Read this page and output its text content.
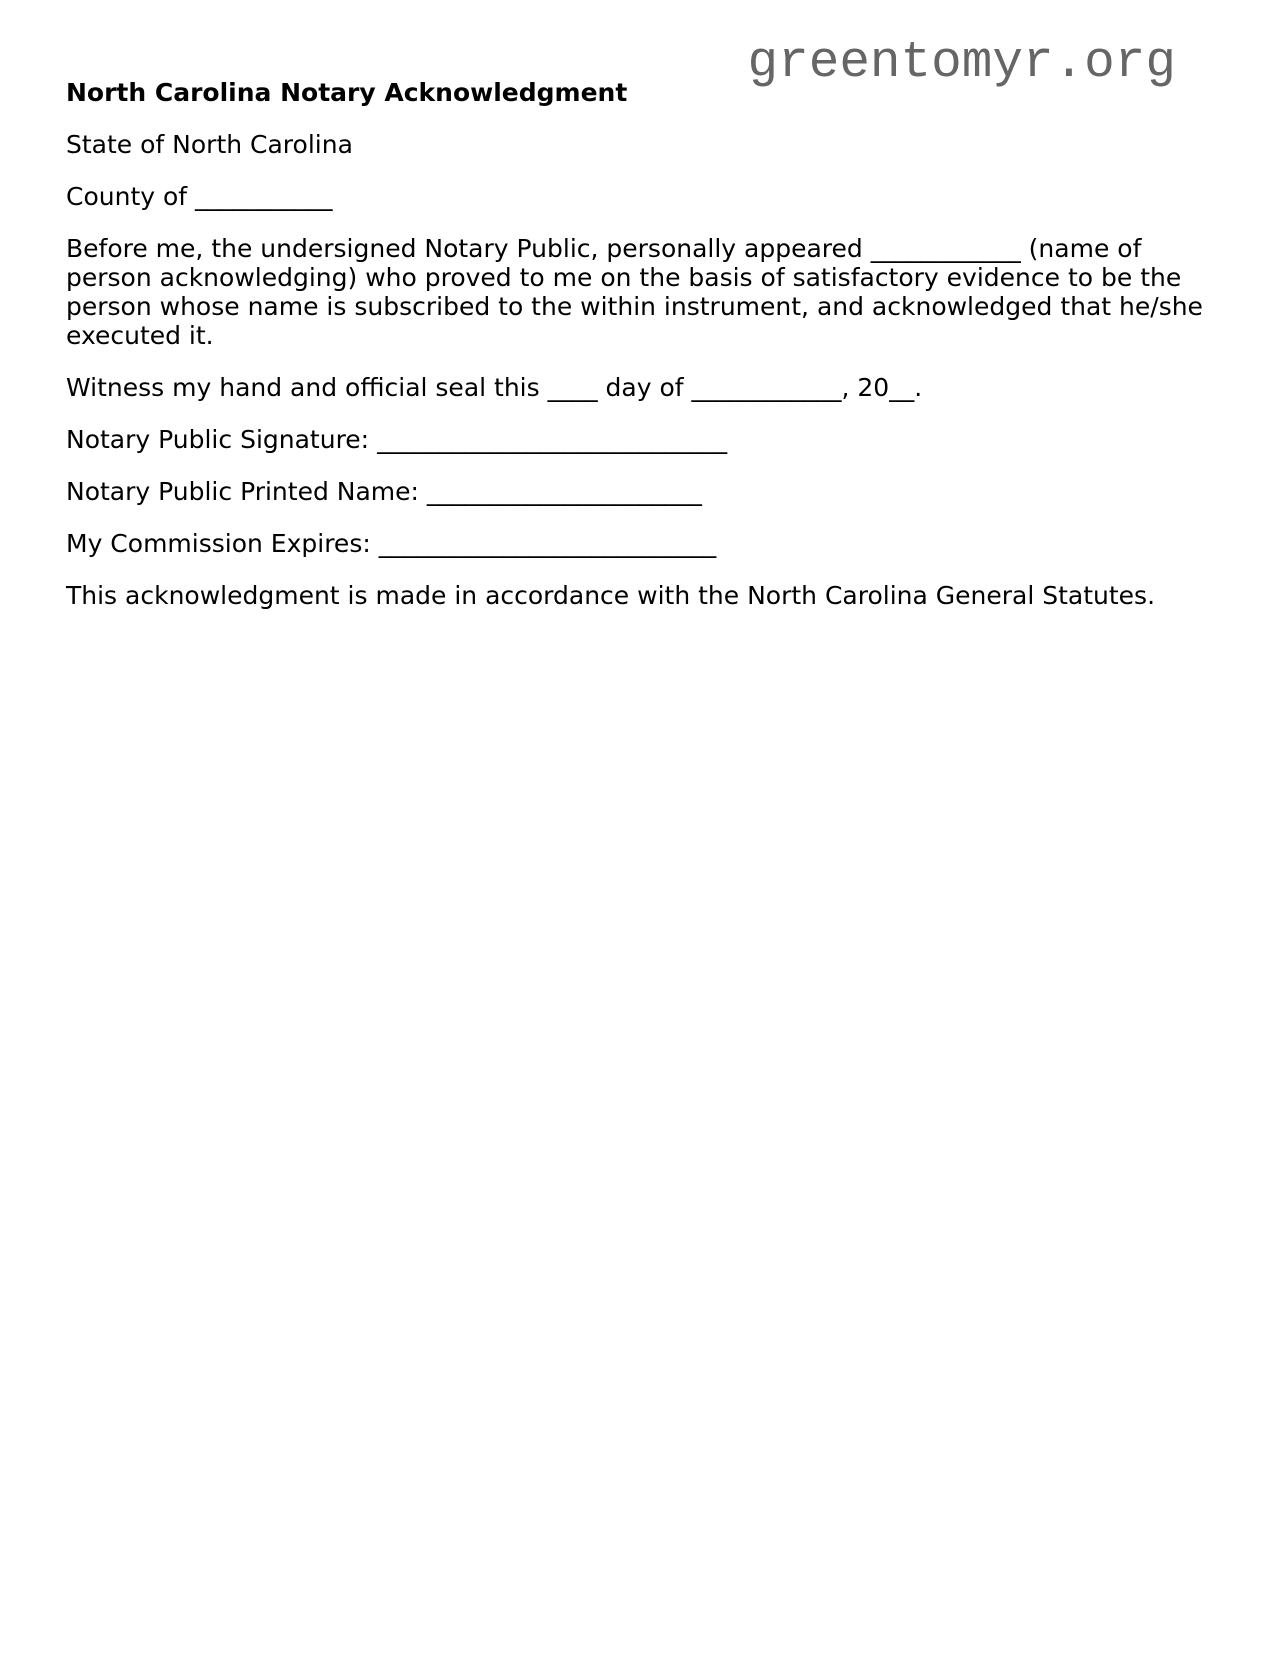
greentomyr.org
North Carolina Notary Acknowledgment

State of North Carolina

County of ___________

Before me, the undersigned Notary Public, personally appeared ____________ (name of person acknowledging) who proved to me on the basis of satisfactory evidence to be the person whose name is subscribed to the within instrument, and acknowledged that he/she executed it.

Witness my hand and official seal this ____ day of ____________, 20__.

Notary Public Signature: ____________________________

Notary Public Printed Name: ______________________

My Commission Expires: ___________________________

This acknowledgment is made in accordance with the North Carolina General Statutes.
